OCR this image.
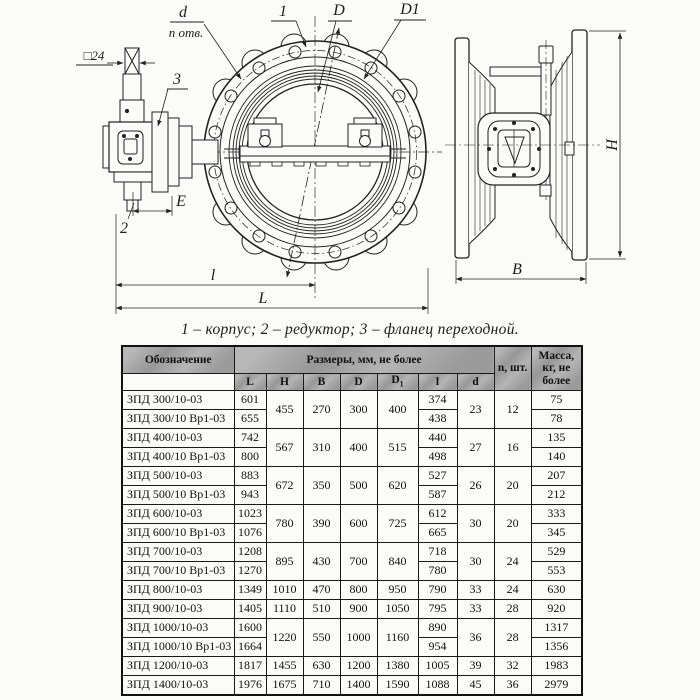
d
п отв.
1	D	D1
□24
3
2
E
l
L
H
B
1 – корпус; 2 – редуктор; 3 – фланец переходной.
Обозначение	Размеры, мм, не более							n, шт.	Масса, кг, не более
	L	H	B	D	$D_1$	l	d		
ЗПД 300/10-03	601	455	270	300	400	374	23	12	75
ЗПД 300/10 Вр1-03	655					438			78
ЗПД 400/10-03	742	567	310	400	515	440	27	16	135
ЗПД 400/10 Вр1-03	800					498			140
ЗПД 500/10-03	883	672	350	500	620	527	26	20	207
ЗПД 500/10 Вр1-03	943					587			212
ЗПД 600/10-03	1023	780	390	600	725	612	30	20	333
ЗПД 600/10 Вр1-03	1076					665			345
ЗПД 700/10-03	1208	895	430	700	840	718	30	24	529
ЗПД 700/10 Вр1-03	1270					780			553
ЗПД 800/10-03	1349	1010	470	800	950	790	33	24	630
ЗПД 900/10-03	1405	1110	510	900	1050	795	33	28	920
ЗПД 1000/10-03	1600	1220	550	1000	1160	890	36	28	1317
ЗПД 1000/10 Вр1-03	1664					954			1356
ЗПД 1200/10-03	1817	1455	630	1200	1380	1005	39	32	1983
ЗПД 1400/10-03	1976	1675	710	1400	1590	1088	45	36	2979
